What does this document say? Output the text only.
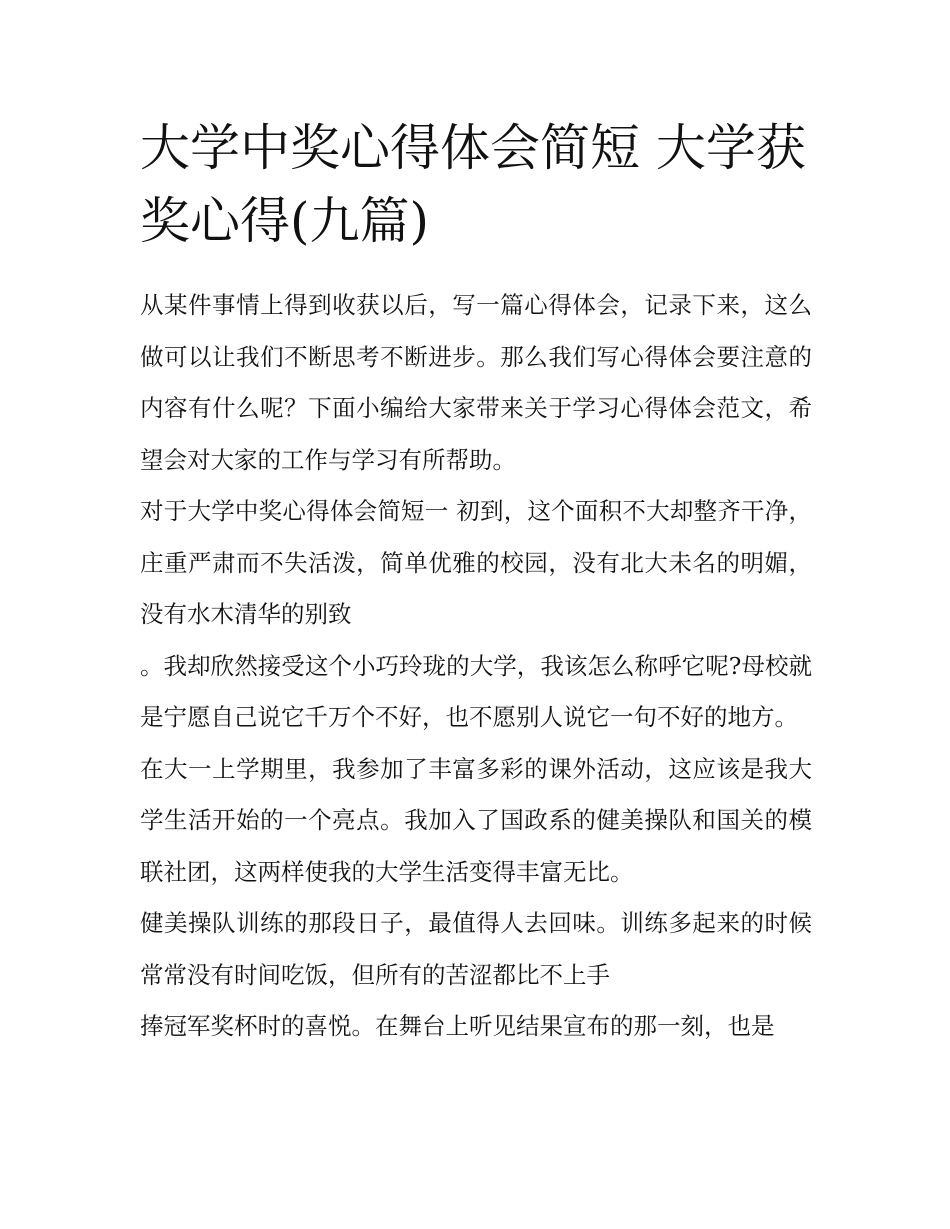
大学中奖心得体会简短 大学获奖心得(九篇)

从某件事情上得到收获以后，写一篇心得体会，记录下来，这么做可以让我们不断思考不断进步。那么我们写心得体会要注意的内容有什么呢？下面小编给大家带来关于学习心得体会范文，希望会对大家的工作与学习有所帮助。

对于大学中奖心得体会简短一 初到，这个面积不大却整齐干净，庄重严肃而不失活泼，简单优雅的校园，没有北大未名的明媚，没有水木清华的别致

。我却欣然接受这个小巧玲珑的大学，我该怎么称呼它呢?母校就是宁愿自己说它千万个不好，也不愿别人说它一句不好的地方。

在大一上学期里，我参加了丰富多彩的课外活动，这应该是我大学生活开始的一个亮点。我加入了国政系的健美操队和国关的模联社团，这两样使我的大学生活变得丰富无比。

健美操队训练的那段日子，最值得人去回味。训练多起来的时候常常没有时间吃饭，但所有的苦涩都比不上手

捧冠军奖杯时的喜悦。在舞台上听见结果宣布的那一刻，也是
